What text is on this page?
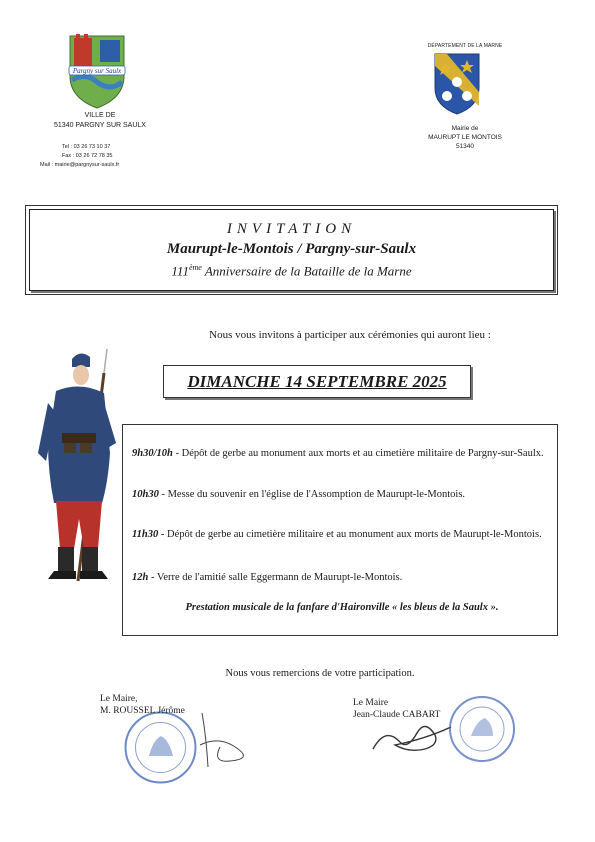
Pargny sur Saulx
VILLE DE
51340 PARGNY SUR SAULX
Tel : 03 26 73 10 37
Fax : 03 26 72 78 35
Mail : mairie@pargnysur-saulx.fr
DÉPARTEMENT DE LA MARNE
Mairie de
MAURUPT LE MONTOIS
51340
INVITATION
Maurupt-le-Montois / Pargny-sur-Saulx
111ème Anniversaire de la Bataille de la Marne
Nous vous invitons à participer aux cérémonies qui auront lieu :
DIMANCHE 14 SEPTEMBRE 2025
9h30/10h - Dépôt de gerbe au monument aux morts et au cimetière militaire de Pargny-sur-Saulx.
10h30 - Messe du souvenir en l'église de l'Assomption de Maurupt-le-Montois.
11h30 - Dépôt de gerbe au cimetière militaire et au monument aux morts de Maurupt-le-Montois.
12h - Verre de l'amitié salle Eggermann de Maurupt-le-Montois.
Prestation musicale de la fanfare d'Haironville « les bleus de la Saulx ».
Nous vous remercions de votre participation.
Le Maire,
M. ROUSSEL Jérôme
Le Maire
Jean-Claude CABART
